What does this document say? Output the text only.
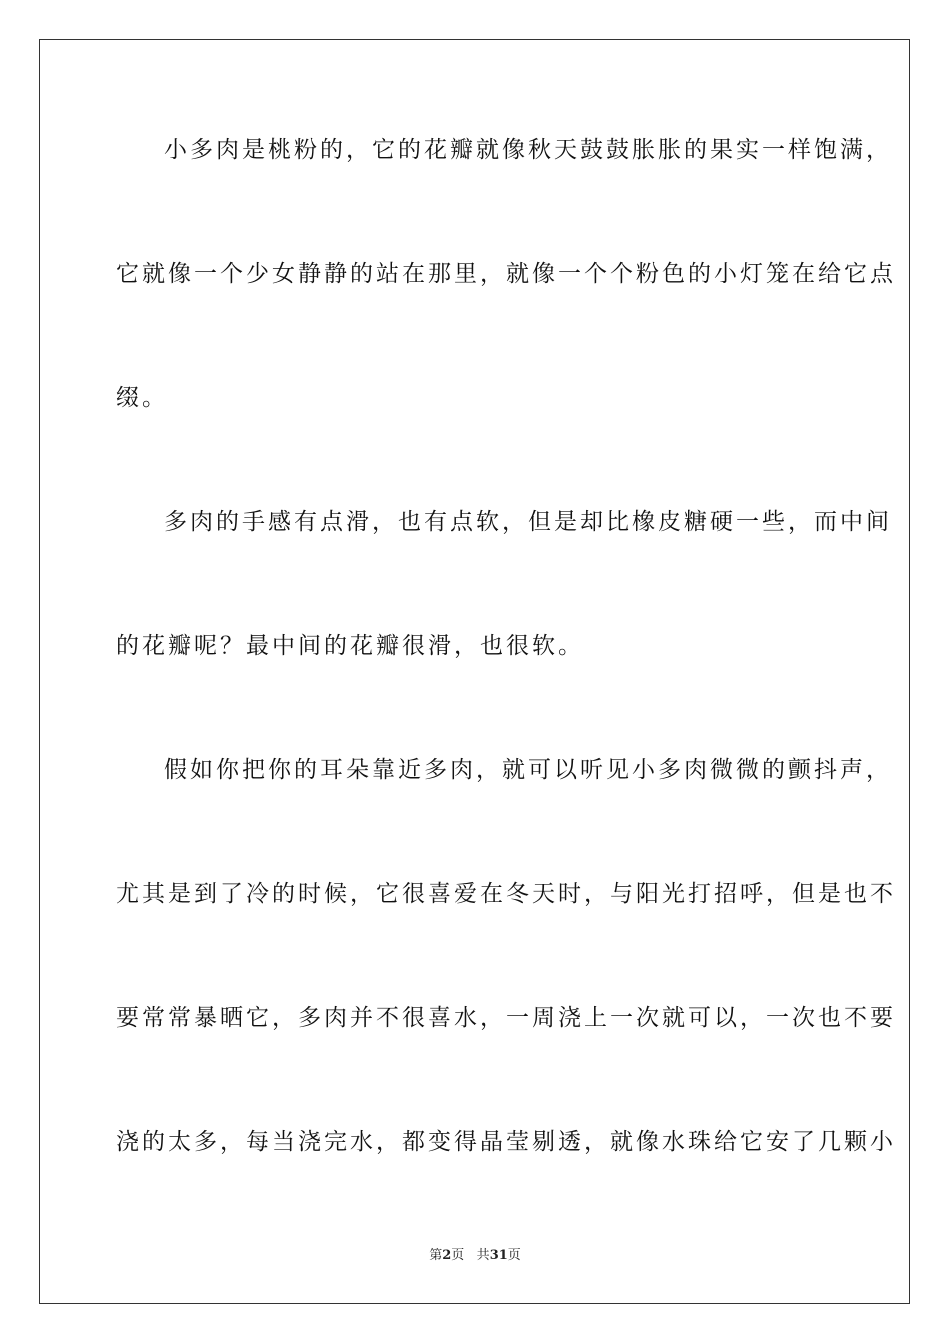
小多肉是桃粉的，它的花瓣就像秋天鼓鼓胀胀的果实一样饱满，

它就像一个少女静静的站在那里，就像一个个粉色的小灯笼在给它点

缀。

多肉的手感有点滑，也有点软，但是却比橡皮糖硬一些，而中间

的花瓣呢？最中间的花瓣很滑，也很软。

假如你把你的耳朵靠近多肉，就可以听见小多肉微微的颤抖声，

尤其是到了冷的时候，它很喜爱在冬天时，与阳光打招呼，但是也不

要常常暴晒它，多肉并不很喜水，一周浇上一次就可以，一次也不要

浇的太多，每当浇完水，都变得晶莹剔透，就像水珠给它安了几颗小

第2页 共31页
